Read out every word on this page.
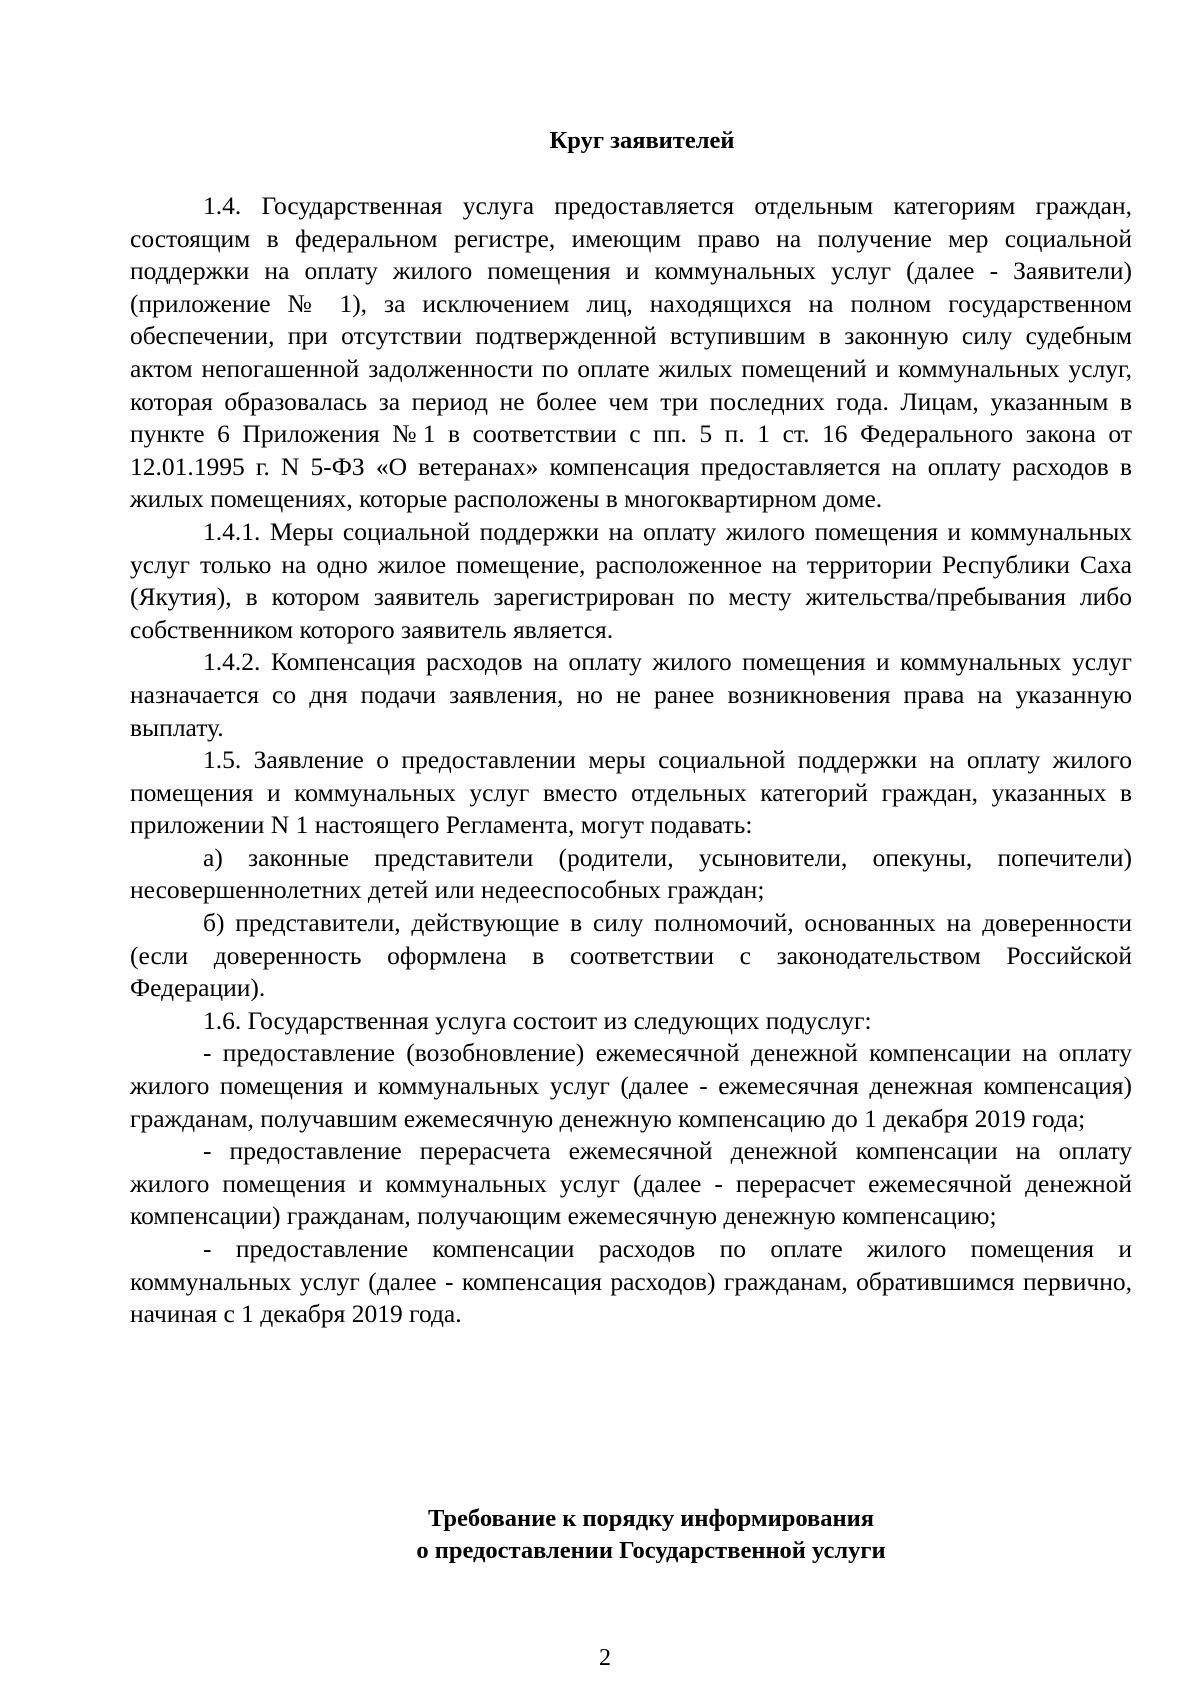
Круг заявителей

1.4. Государственная услуга предоставляется отдельным категориям граждан, состоящим в федеральном регистре, имеющим право на получение мер социальной поддержки на оплату жилого помещения и коммунальных услуг (далее - Заявители) (приложение № 1), за исключением лиц, находящихся на полном государственном обеспечении, при отсутствии подтвержденной вступившим в законную силу судебным актом непогашенной задолженности по оплате жилых помещений и коммунальных услуг, которая образовалась за период не более чем три последних года. Лицам, указанным в пункте 6 Приложения №1 в соответствии с пп. 5 п. 1 ст. 16 Федерального закона от 12.01.1995 г. N 5-ФЗ «О ветеранах» компенсация предоставляется на оплату расходов в жилых помещениях, которые расположены в многоквартирном доме.

1.4.1. Меры социальной поддержки на оплату жилого помещения и коммунальных услуг только на одно жилое помещение, расположенное на территории Республики Саха (Якутия), в котором заявитель зарегистрирован по месту жительства/пребывания либо собственником которого заявитель является.

1.4.2. Компенсация расходов на оплату жилого помещения и коммунальных услуг назначается со дня подачи заявления, но не ранее возникновения права на указанную выплату.

1.5. Заявление о предоставлении меры социальной поддержки на оплату жилого помещения и коммунальных услуг вместо отдельных категорий граждан, указанных в приложении N 1 настоящего Регламента, могут подавать:

а) законные представители (родители, усыновители, опекуны, попечители) несовершеннолетних детей или недееспособных граждан;

б) представители, действующие в силу полномочий, основанных на доверенности (если доверенность оформлена в соответствии с законодательством Российской Федерации).

1.6. Государственная услуга состоит из следующих подуслуг:

- предоставление (возобновление) ежемесячной денежной компенсации на оплату жилого помещения и коммунальных услуг (далее - ежемесячная денежная компенсация) гражданам, получавшим ежемесячную денежную компенсацию до 1 декабря 2019 года;

- предоставление перерасчета ежемесячной денежной компенсации на оплату жилого помещения и коммунальных услуг (далее - перерасчет ежемесячной денежной компенсации) гражданам, получающим ежемесячную денежную компенсацию;

- предоставление компенсации расходов по оплате жилого помещения и коммунальных услуг (далее - компенсация расходов) гражданам, обратившимся первично, начиная с 1 декабря 2019 года.

Требование к порядку информирования
о предоставлении Государственной услуги
2
